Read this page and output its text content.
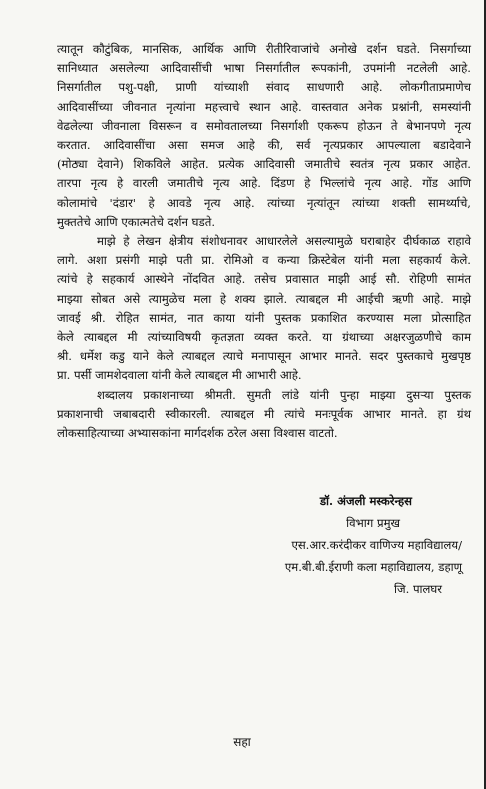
त्यातून कौटुंबिक, मानसिक, आर्थिक आणि रीतीरिवाजांचे अनोखे दर्शन घडते. निसर्गाच्या
सानिध्यात असलेल्या आदिवासींची भाषा निसर्गातील रूपकांनी, उपमांनी नटलेली आहे.
निसर्गातील पशु-पक्षी, प्राणी यांच्याशी संवाद साधणारी आहे. लोकगीताप्रमाणेच
आदिवासींच्या जीवनात नृत्यांना महत्त्वाचे स्थान आहे. वास्तवात अनेक प्रश्नांनी, समस्यांनी
वेढलेल्या जीवनाला विसरून व समोवतालच्या निसर्गाशी एकरूप होऊन ते बेभानपणे नृत्य
करतात. आदिवासींचा असा समज आहे की, सर्व नृत्यप्रकार आपल्याला बडादेवाने
(मोठ्या देवाने) शिकविले आहेत. प्रत्येक आदिवासी जमातीचे स्वतंत्र नृत्य प्रकार आहेत.
तारपा नृत्य हे वारली जमातीचे नृत्य आहे. दिंडण हे भिल्लांचे नृत्य आहे. गोंड आणि
कोलामांचे 'दंडार' हे आवडे नृत्य आहे. त्यांच्या नृत्यांतून त्यांच्या शक्ती सामर्थ्याचे,
मुक्ततेचे आणि एकात्मतेचे दर्शन घडते.
माझे हे लेखन क्षेत्रीय संशोधनावर आधारलेले असल्यामुळे घराबाहेर दीर्घकाळ राहावे
लागे. अशा प्रसंगी माझे पती प्रा. रोमिओ व कन्या क्रिस्टेबेल यांनी मला सहकार्य केले.
त्यांचे हे सहकार्य आस्थेने नोंदवित आहे. तसेच प्रवासात माझी आई सौ. रोहिणी सामंत
माझ्या सोबत असे त्यामुळेच मला हे शक्य झाले. त्याबद्दल मी आईची ऋणी आहे. माझे
जावई श्री. रोहित सामंत, नात काया यांनी पुस्तक प्रकाशित करण्यास मला प्रोत्साहित
केले त्याबद्दल मी त्यांच्याविषयी कृतज्ञता व्यक्त करते. या ग्रंथाच्या अक्षरजुळणीचे काम
श्री. धर्मेश कडु याने केले त्याबद्दल त्याचे मनापासून आभार मानते. सदर पुस्तकाचे मुखपृष्ठ
प्रा. पर्सी जामशेदवाला यांनी केले त्याबद्दल मी आभारी आहे.
शब्दालय प्रकाशनाच्या श्रीमती. सुमती लांडे यांनी पुन्हा माझ्या दुसऱ्या पुस्तक
प्रकाशनाची जबाबदारी स्वीकारली. त्याबद्दल मी त्यांचे मनःपूर्वक आभार मानते. हा ग्रंथ
लोकसाहित्याच्या अभ्यासकांना मार्गदर्शक ठरेल असा विश्वास वाटतो.
डॉ. अंजली मस्करेन्हस
विभाग प्रमुख
एस.आर.करंदीकर वाणिज्य महाविद्यालय/
एम.बी.बी.ईराणी कला महाविद्यालय, डहाणू
जि. पालघर
सहा
